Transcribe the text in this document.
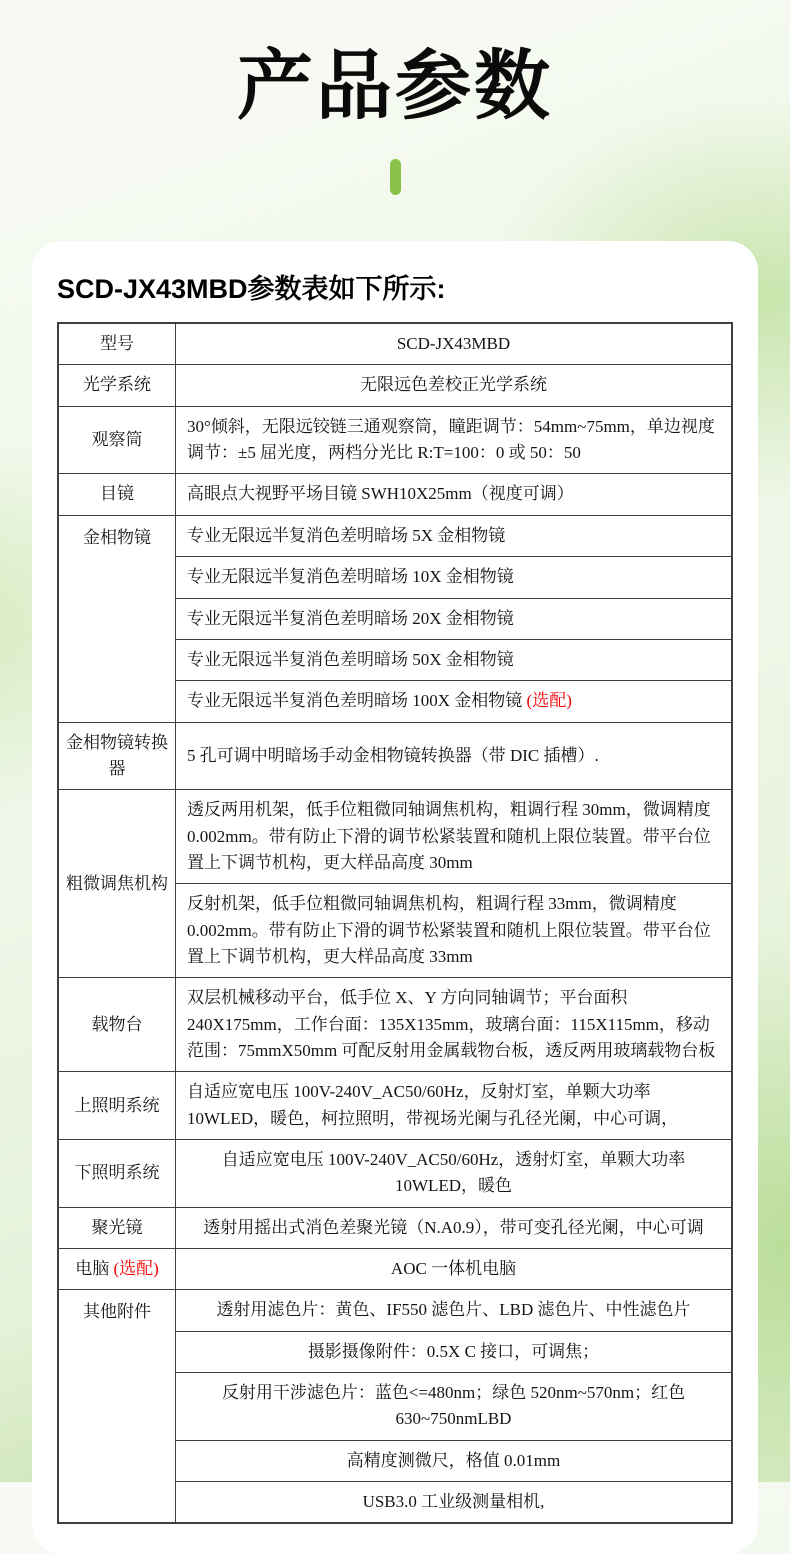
产品参数
SCD-JX43MBD参数表如下所示:
型号	SCD-JX43MBD
光学系统	无限远色差校正光学系统
观察筒	30°倾斜，无限远铰链三通观察筒，瞳距调节：54mm~75mm，单边视度调节：±5 屈光度，两档分光比 R:T=100：0 或 50：50
目镜	高眼点大视野平场目镜 SWH10X25mm（视度可调）
金相物镜	专业无限远半复消色差明暗场 5X 金相物镜
	专业无限远半复消色差明暗场 10X 金相物镜
	专业无限远半复消色差明暗场 20X 金相物镜
	专业无限远半复消色差明暗场 50X 金相物镜
	专业无限远半复消色差明暗场 100X 金相物镜 (选配)
金相物镜转换器	5 孔可调中明暗场手动金相物镜转换器（带 DIC 插槽）.
粗微调焦机构	透反两用机架，低手位粗微同轴调焦机构，粗调行程 30mm，微调精度 0.002mm。带有防止下滑的调节松紧装置和随机上限位装置。带平台位置上下调节机构，更大样品高度 30mm
	反射机架，低手位粗微同轴调焦机构，粗调行程 33mm，微调精度 0.002mm。带有防止下滑的调节松紧装置和随机上限位装置。带平台位置上下调节机构，更大样品高度 33mm
载物台	双层机械移动平台，低手位 X、Y 方向同轴调节；平台面积 240X175mm，工作台面：135X135mm，玻璃台面：115X115mm，移动范围：75mmX50mm 可配反射用金属载物台板，透反两用玻璃载物台板
上照明系统	自适应宽电压 100V-240V_AC50/60Hz，反射灯室，单颗大功率 10WLED，暖色，柯拉照明，带视场光阑与孔径光阑，中心可调，
下照明系统	自适应宽电压 100V-240V_AC50/60Hz，透射灯室，单颗大功率 10WLED，暖色
聚光镜	透射用摇出式消色差聚光镜（N.A0.9），带可变孔径光阑，中心可调
电脑 (选配)	AOC 一体机电脑
其他附件	透射用滤色片：黄色、IF550 滤色片、LBD 滤色片、中性滤色片
	摄影摄像附件：0.5X C 接口，可调焦；
	反射用干涉滤色片：蓝色<=480nm；绿色 520nm~570nm；红色 630~750nmLBD
	高精度测微尺，格值 0.01mm
	USB3.0 工业级测量相机,
